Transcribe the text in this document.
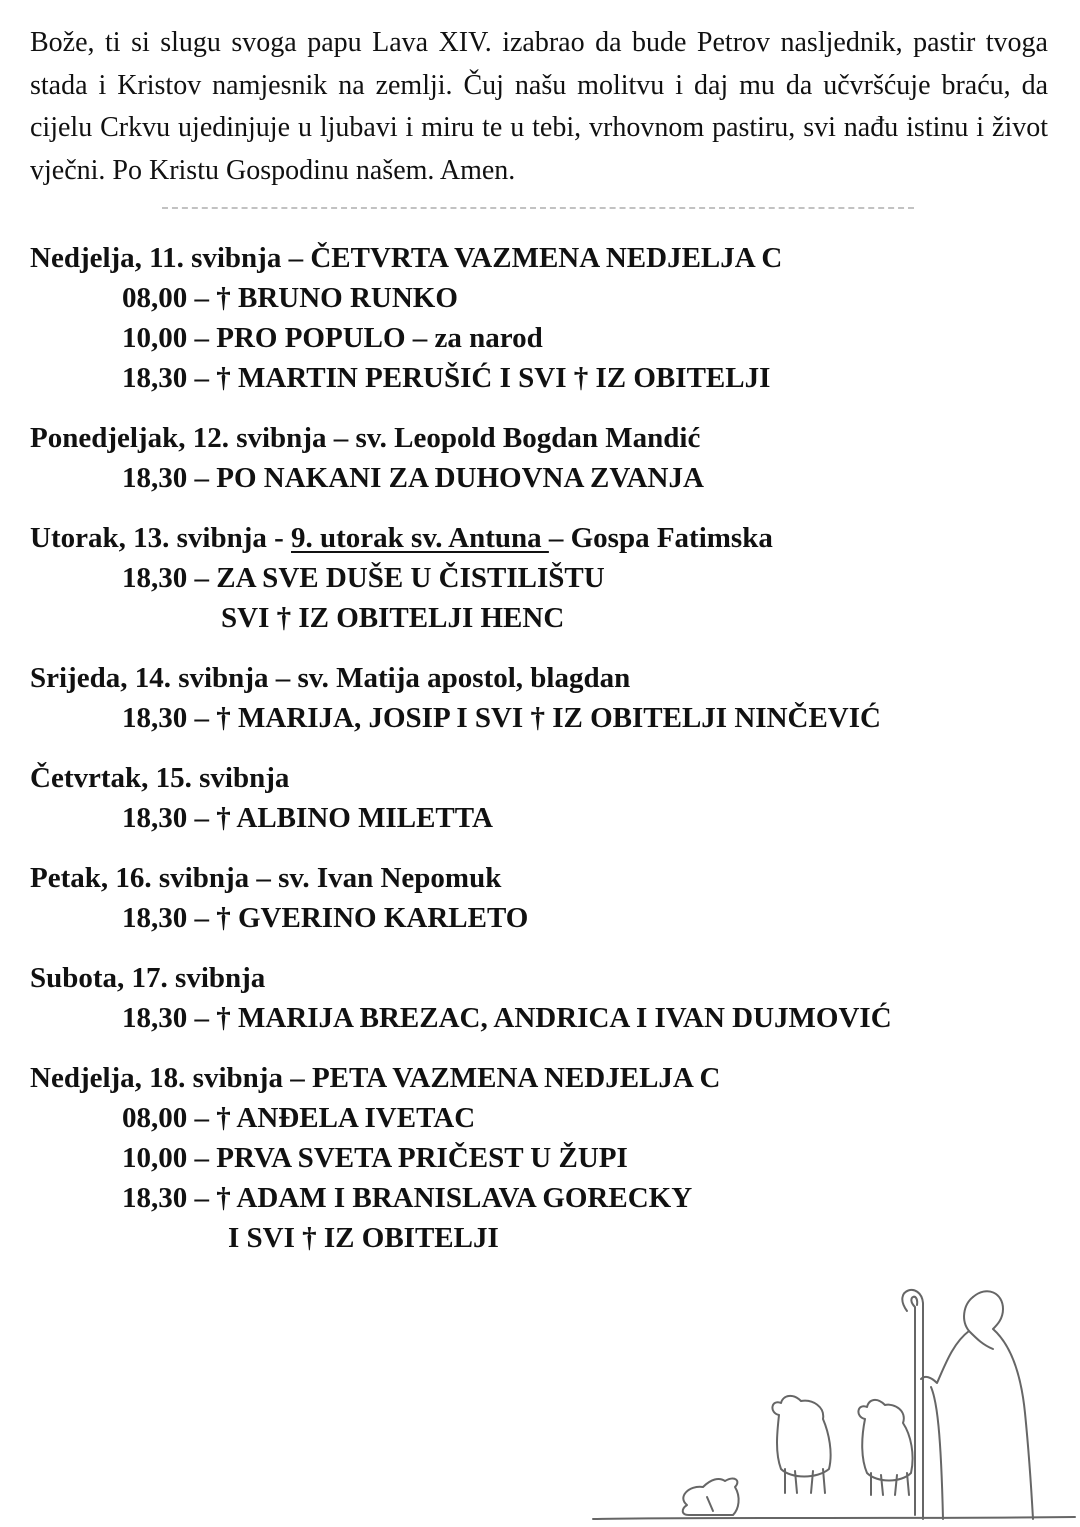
Bože, ti si slugu svoga papu Lava XIV. izabrao da bude Petrov nasljednik, pastir tvoga stada i Kristov namjesnik na zemlji. Čuj našu molitvu i daj mu da učvršćuje braću, da cijelu Crkvu ujedinjuje u ljubavi i miru te u tebi, vrhovnom pastiru, svi nađu istinu i život vječni. Po Kristu Gospodinu našem. Amen.
Nedjelja, 11. svibnja – ČETVRTA VAZMENA NEDJELJA C
08,00 – † BRUNO RUNKO
10,00 – PRO POPULO – za narod
18,30 – † MARTIN PERUŠIĆ I SVI † IZ OBITELJI
Ponedjeljak, 12. svibnja – sv. Leopold Bogdan Mandić
18,30 – PO NAKANI ZA DUHOVNA ZVANJA
Utorak, 13. svibnja - 9. utorak sv. Antuna – Gospa Fatimska
18,30 – ZA SVE DUŠE U ČISTILIŠTU
SVI † IZ OBITELJI HENC
Srijeda, 14. svibnja – sv. Matija apostol, blagdan
18,30 – † MARIJA, JOSIP I SVI † IZ OBITELJI NINČEVIĆ
Četvrtak, 15. svibnja
18,30 – † ALBINO MILETTA
Petak, 16. svibnja – sv. Ivan Nepomuk
18,30 – † GVERINO KARLETO
Subota, 17. svibnja
18,30 – † MARIJA BREZAC, ANDRICA I IVAN DUJMOVIĆ
Nedjelja, 18. svibnja – PETA VAZMENA NEDJELJA C
08,00 – † ANĐELA IVETAC
10,00 – PRVA SVETA PRIČEST U ŽUPI
18,30 – † ADAM I BRANISLAVA GORECKY
I SVI † IZ OBITELJI
